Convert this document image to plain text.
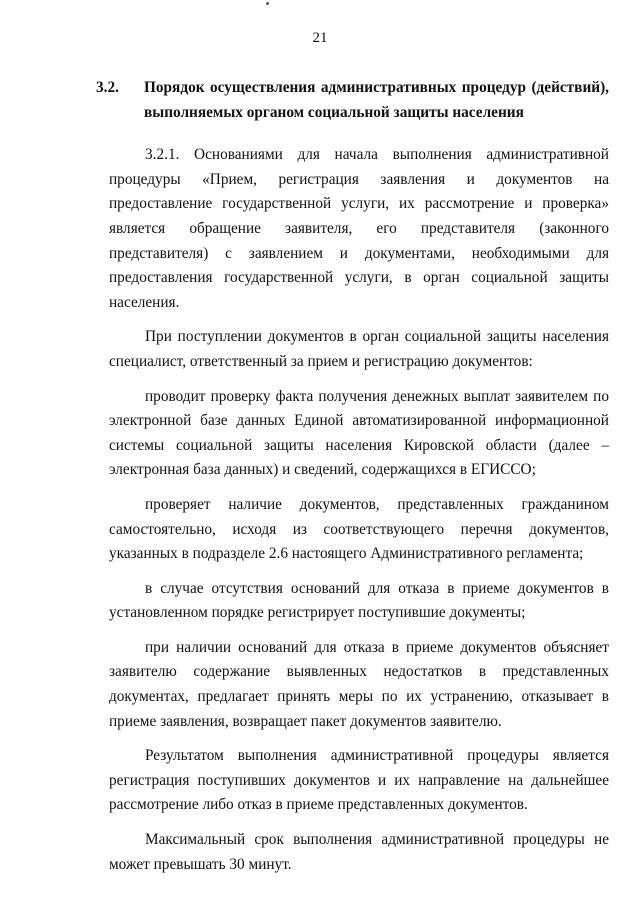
21
3.2.	Порядок осуществления административных процедур (действий), выполняемых органом социальной защиты населения

3.2.1. Основаниями для начала выполнения административной процедуры «Прием, регистрация заявления и документов на предоставление государственной услуги, их рассмотрение и проверка» является обращение заявителя, его представителя (законного представителя) с заявлением и документами, необходимыми для предоставления государственной услуги, в орган социальной защиты населения.

При поступлении документов в орган социальной защиты населения специалист, ответственный за прием и регистрацию документов:

проводит проверку факта получения денежных выплат заявителем по электронной базе данных Единой автоматизированной информационной системы социальной защиты населения Кировской области (далее – электронная база данных) и сведений, содержащихся в ЕГИССО;

проверяет наличие документов, представленных гражданином самостоятельно, исходя из соответствующего перечня документов, указанных в подразделе 2.6 настоящего Административного регламента;

в случае отсутствия оснований для отказа в приеме документов в установленном порядке регистрирует поступившие документы;

при наличии оснований для отказа в приеме документов объясняет заявителю содержание выявленных недостатков в представленных документах, предлагает принять меры по их устранению, отказывает в приеме заявления, возвращает пакет документов заявителю.

Результатом выполнения административной процедуры является регистрация поступивших документов и их направление на дальнейшее рассмотрение либо отказ в приеме представленных документов.

Максимальный срок выполнения административной процедуры не может превышать 30 минут.
